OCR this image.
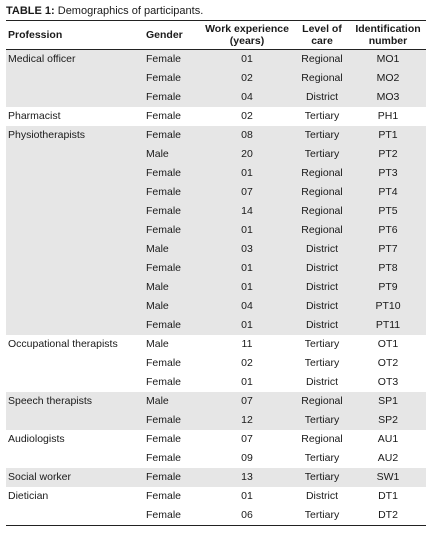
TABLE 1: Demographics of participants.
Profession	Gender	Work experience (years)	Level of care	Identification number
Medical officer	Female	01	Regional	MO1
	Female	02	Regional	MO2
	Female	04	District	MO3
Pharmacist	Female	02	Tertiary	PH1
Physiotherapists	Female	08	Tertiary	PT1
	Male	20	Tertiary	PT2
	Female	01	Regional	PT3
	Female	07	Regional	PT4
	Female	14	Regional	PT5
	Female	01	Regional	PT6
	Male	03	District	PT7
	Female	01	District	PT8
	Male	01	District	PT9
	Male	04	District	PT10
	Female	01	District	PT11
Occupational therapists	Male	11	Tertiary	OT1
	Female	02	Tertiary	OT2
	Female	01	District	OT3
Speech therapists	Male	07	Regional	SP1
	Female	12	Tertiary	SP2
Audiologists	Female	07	Regional	AU1
	Female	09	Tertiary	AU2
Social worker	Female	13	Tertiary	SW1
Dietician	Female	01	District	DT1
	Female	06	Tertiary	DT2
